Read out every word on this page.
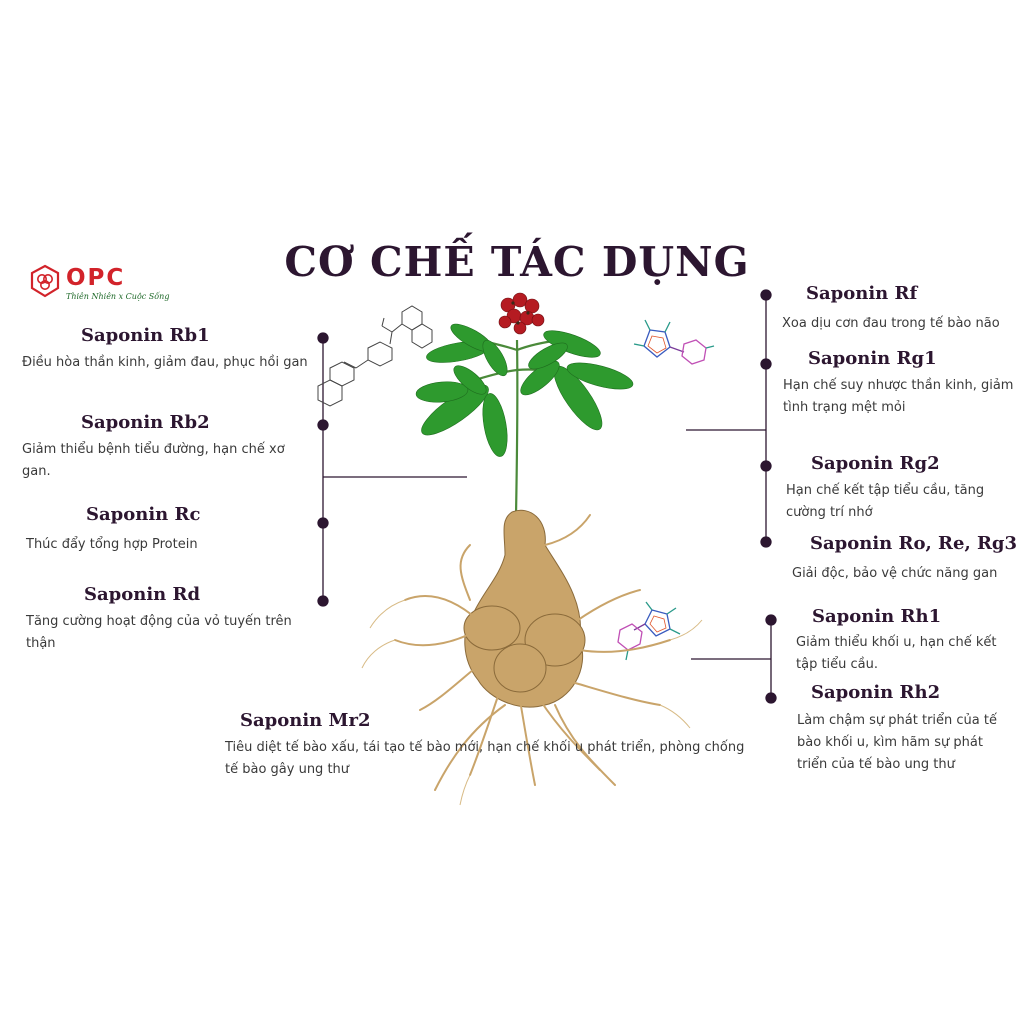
OPC
Thiên Nhiên x Cuộc Sống
CƠ CHẾ TÁC DỤNG
Saponin Rb1
Điều hòa thần kinh, giảm đau, phục hồi gan
Saponin Rb2
Giảm thiểu bệnh tiểu đường, hạn chế xơ gan.
Saponin Rc
Thúc đẩy tổng hợp Protein
Saponin Rd
Tăng cường hoạt động của vỏ tuyến trên thận
Saponin Rf
Xoa dịu cơn đau trong tế bào não
Saponin Rg1
Hạn chế suy nhược thần kinh, giảm tình trạng mệt mỏi
Saponin Rg2
Hạn chế kết tập tiểu cầu, tăng cường trí nhớ
Saponin Ro, Re, Rg3
Giải độc, bảo vệ chức năng gan
Saponin Rh1
Giảm thiểu khối u, hạn chế kết tập tiểu cầu.
Saponin Rh2
Làm chậm sự phát triển của tế bào khối u, kìm hãm sự phát triển của tế bào ung thư
Saponin Mr2
Tiêu diệt tế bào xấu, tái tạo tế bào mới, hạn chế khối u phát triển, phòng chống tế bào gây ung thư
